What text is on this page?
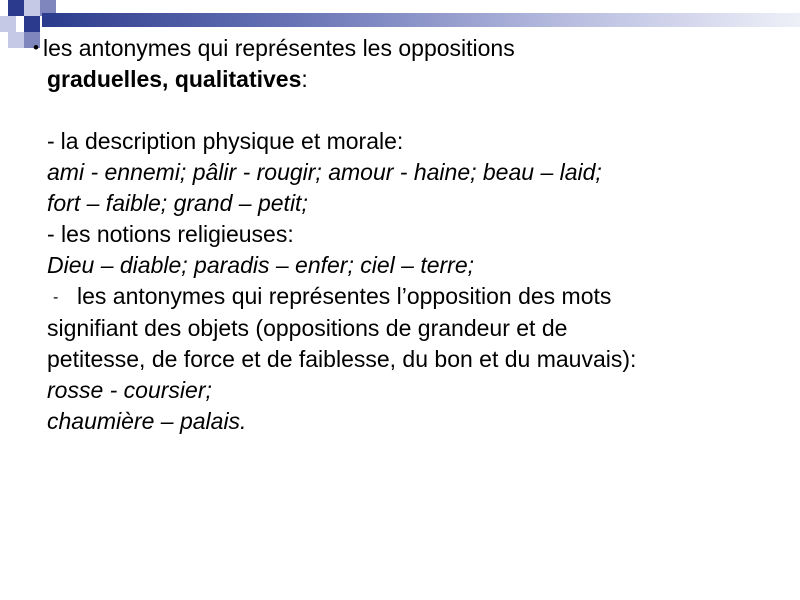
• les antonymes qui représentes les oppositions
graduelles, qualitatives:
- la description physique et morale:
ami - ennemi; pâlir - rougir; amour - haine; beau – laid;
fort – faible; grand – petit;
- les notions religieuses:
Dieu – diable; paradis – enfer; ciel – terre;
- les antonymes qui représentes l’opposition des mots
signifiant des objets (oppositions de grandeur et de
petitesse, de force et de faiblesse, du bon et du mauvais):
rosse - coursier;
chaumière – palais.
